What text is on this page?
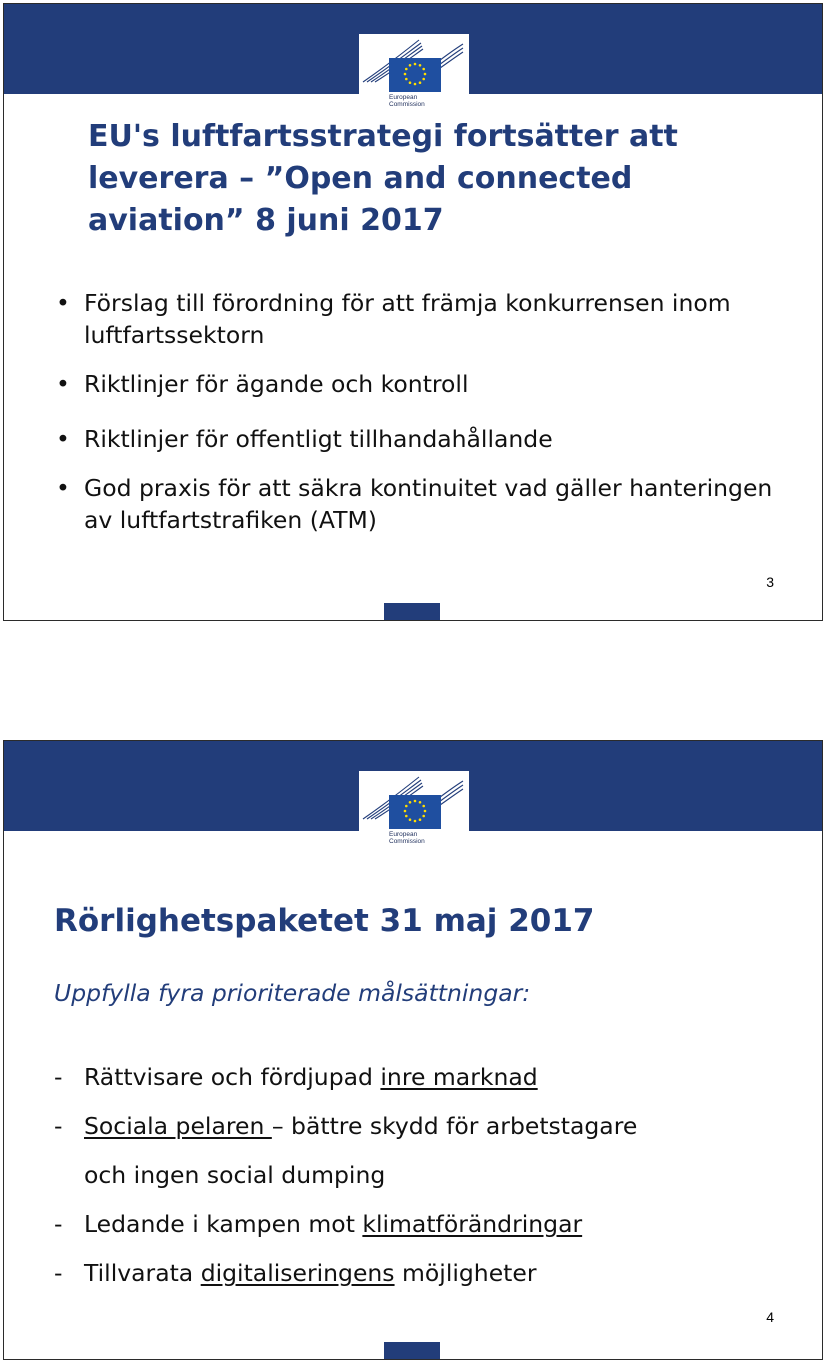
European
Commission
EU's luftfartsstrategi fortsätter att leverera – ”Open and connected aviation” 8 juni 2017
• Förslag till förordning för att främja konkurrensen inom luftfartssektorn
• Riktlinjer för ägande och kontroll
• Riktlinjer för offentligt tillhandahållande
• God praxis för att säkra kontinuitet vad gäller hanteringen av luftfartstrafiken (ATM)
3
European
Commission
Rörlighetspaketet 31 maj 2017

Uppfylla fyra prioriterade målsättningar:

- Rättvisare och fördjupad inre marknad
- Sociala pelaren – bättre skydd för arbetstagare
och ingen social dumping
- Ledande i kampen mot klimatförändringar
- Tillvarata digitaliseringens möjligheter
4
